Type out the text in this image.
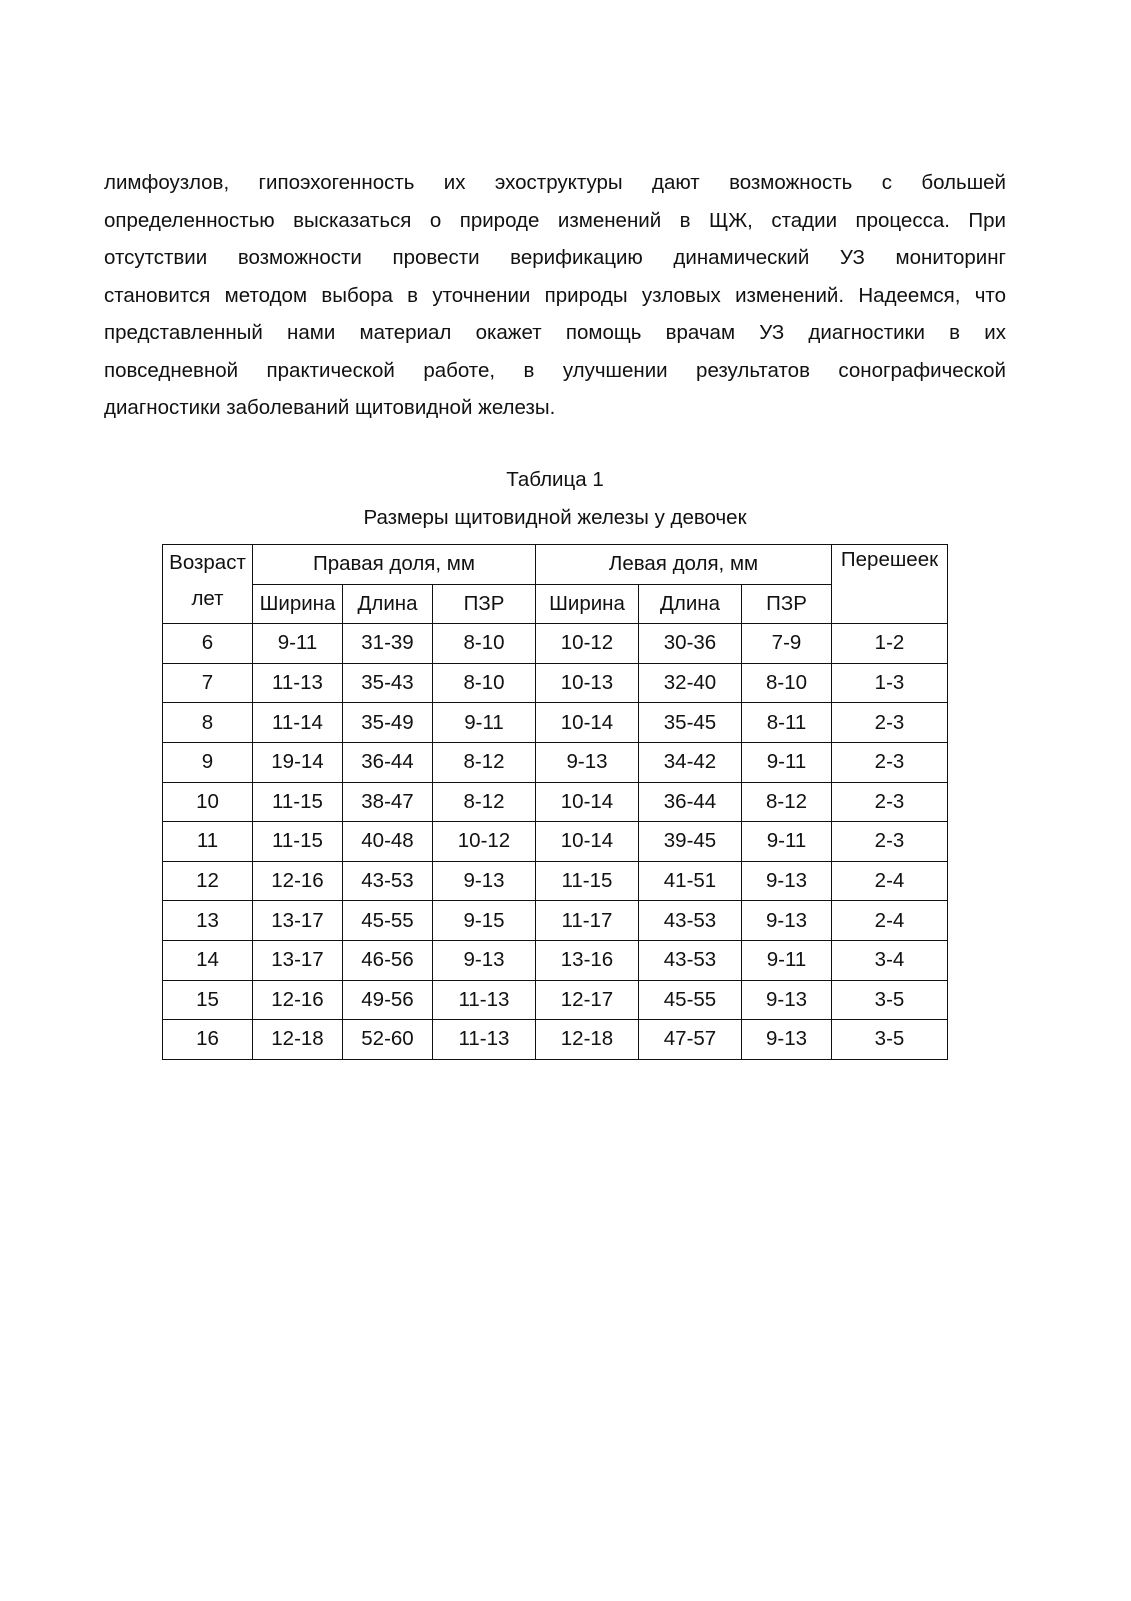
лимфоузлов, гипоэхогенность их эхоструктуры дают возможность с большей
определенностью высказаться о природе изменений в ЩЖ, стадии процесса. При
отсутствии возможности провести верификацию динамический УЗ мониторинг
становится методом выбора в уточнении природы узловых изменений. Надеемся, что
представленный нами материал окажет помощь врачам УЗ диагностики в их
повседневной практической работе, в улучшении результатов сонографической
диагностики заболеваний щитовидной железы.
Таблица 1
Размеры щитовидной железы у девочек
Возраст
лет	Правая доля, мм			Левая доля, мм			Перешеек
	Ширина	Длина	ПЗР	Ширина	Длина	ПЗР	
6	9-11	31-39	8-10	10-12	30-36	7-9	1-2
7	11-13	35-43	8-10	10-13	32-40	8-10	1-3
8	11-14	35-49	9-11	10-14	35-45	8-11	2-3
9	19-14	36-44	8-12	9-13	34-42	9-11	2-3
10	11-15	38-47	8-12	10-14	36-44	8-12	2-3
11	11-15	40-48	10-12	10-14	39-45	9-11	2-3
12	12-16	43-53	9-13	11-15	41-51	9-13	2-4
13	13-17	45-55	9-15	11-17	43-53	9-13	2-4
14	13-17	46-56	9-13	13-16	43-53	9-11	3-4
15	12-16	49-56	11-13	12-17	45-55	9-13	3-5
16	12-18	52-60	11-13	12-18	47-57	9-13	3-5
